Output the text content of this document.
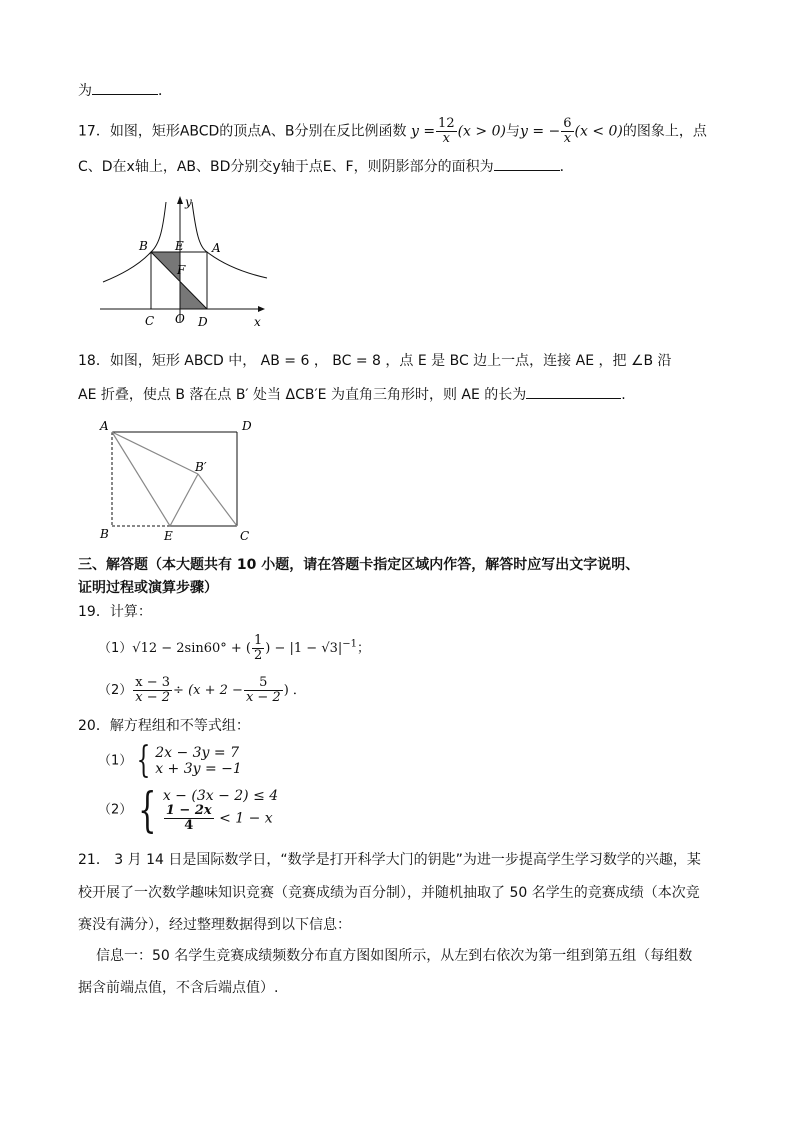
为	．
17．如图，矩形ABCD的顶点A、B分别在反比例函数 $y = \frac{12}{x} (x > 0)$与y = − $\frac{6}{x} (x < 0)$的图象上，点
C、D在x轴上，AB、BD分别交y轴于点E、F，则阴影部分的面积为	．
y
B E A
F
C O D	x
18．如图，矩形 ABCD 中， AB = 6 ， BC = 8 ，点 E 是 BC 边上一点，连接 AE ，把 ∠B 沿
AE 折叠，使点 B 落在点 B′ 处当 ΔCB′E 为直角三角形时，则 AE 的长为	.
A	D
B′
B	E	C
三、解答题（本大题共有 10 小题，请在答题卡指定区域内作答，解答时应写出文字说明、
证明过程或演算步骤）
19．计算：
（1）√12 − 2sin60° + ( $\frac{1}{2}$ ) − $|1 - √3|^{-1}$；
$(2) \frac{x - 3}{x - 2} \div (x + 2 - \frac{5}{x - 2}$ ) ．
20．解方程组和不等式组：
（1） { 2x − 3y = 7
x + 3y = −1
（2） { x − (3x − 2) ≤ 4
$\frac{1 - 2x}{4} < 1 - x$
21． 3 月 14 日是国际数学日，“数学是打开科学大门的钥匙”为进一步提高学生学习数学的兴趣，某
校开展了一次数学趣味知识竞赛（竞赛成绩为百分制），并随机抽取了 50 名学生的竞赛成绩（本次竞
赛没有满分），经过整理数据得到以下信息：
信息一：50 名学生竞赛成绩频数分布直方图如图所示，从左到右依次为第一组到第五组（每组数
据含前端点值，不含后端点值）.
